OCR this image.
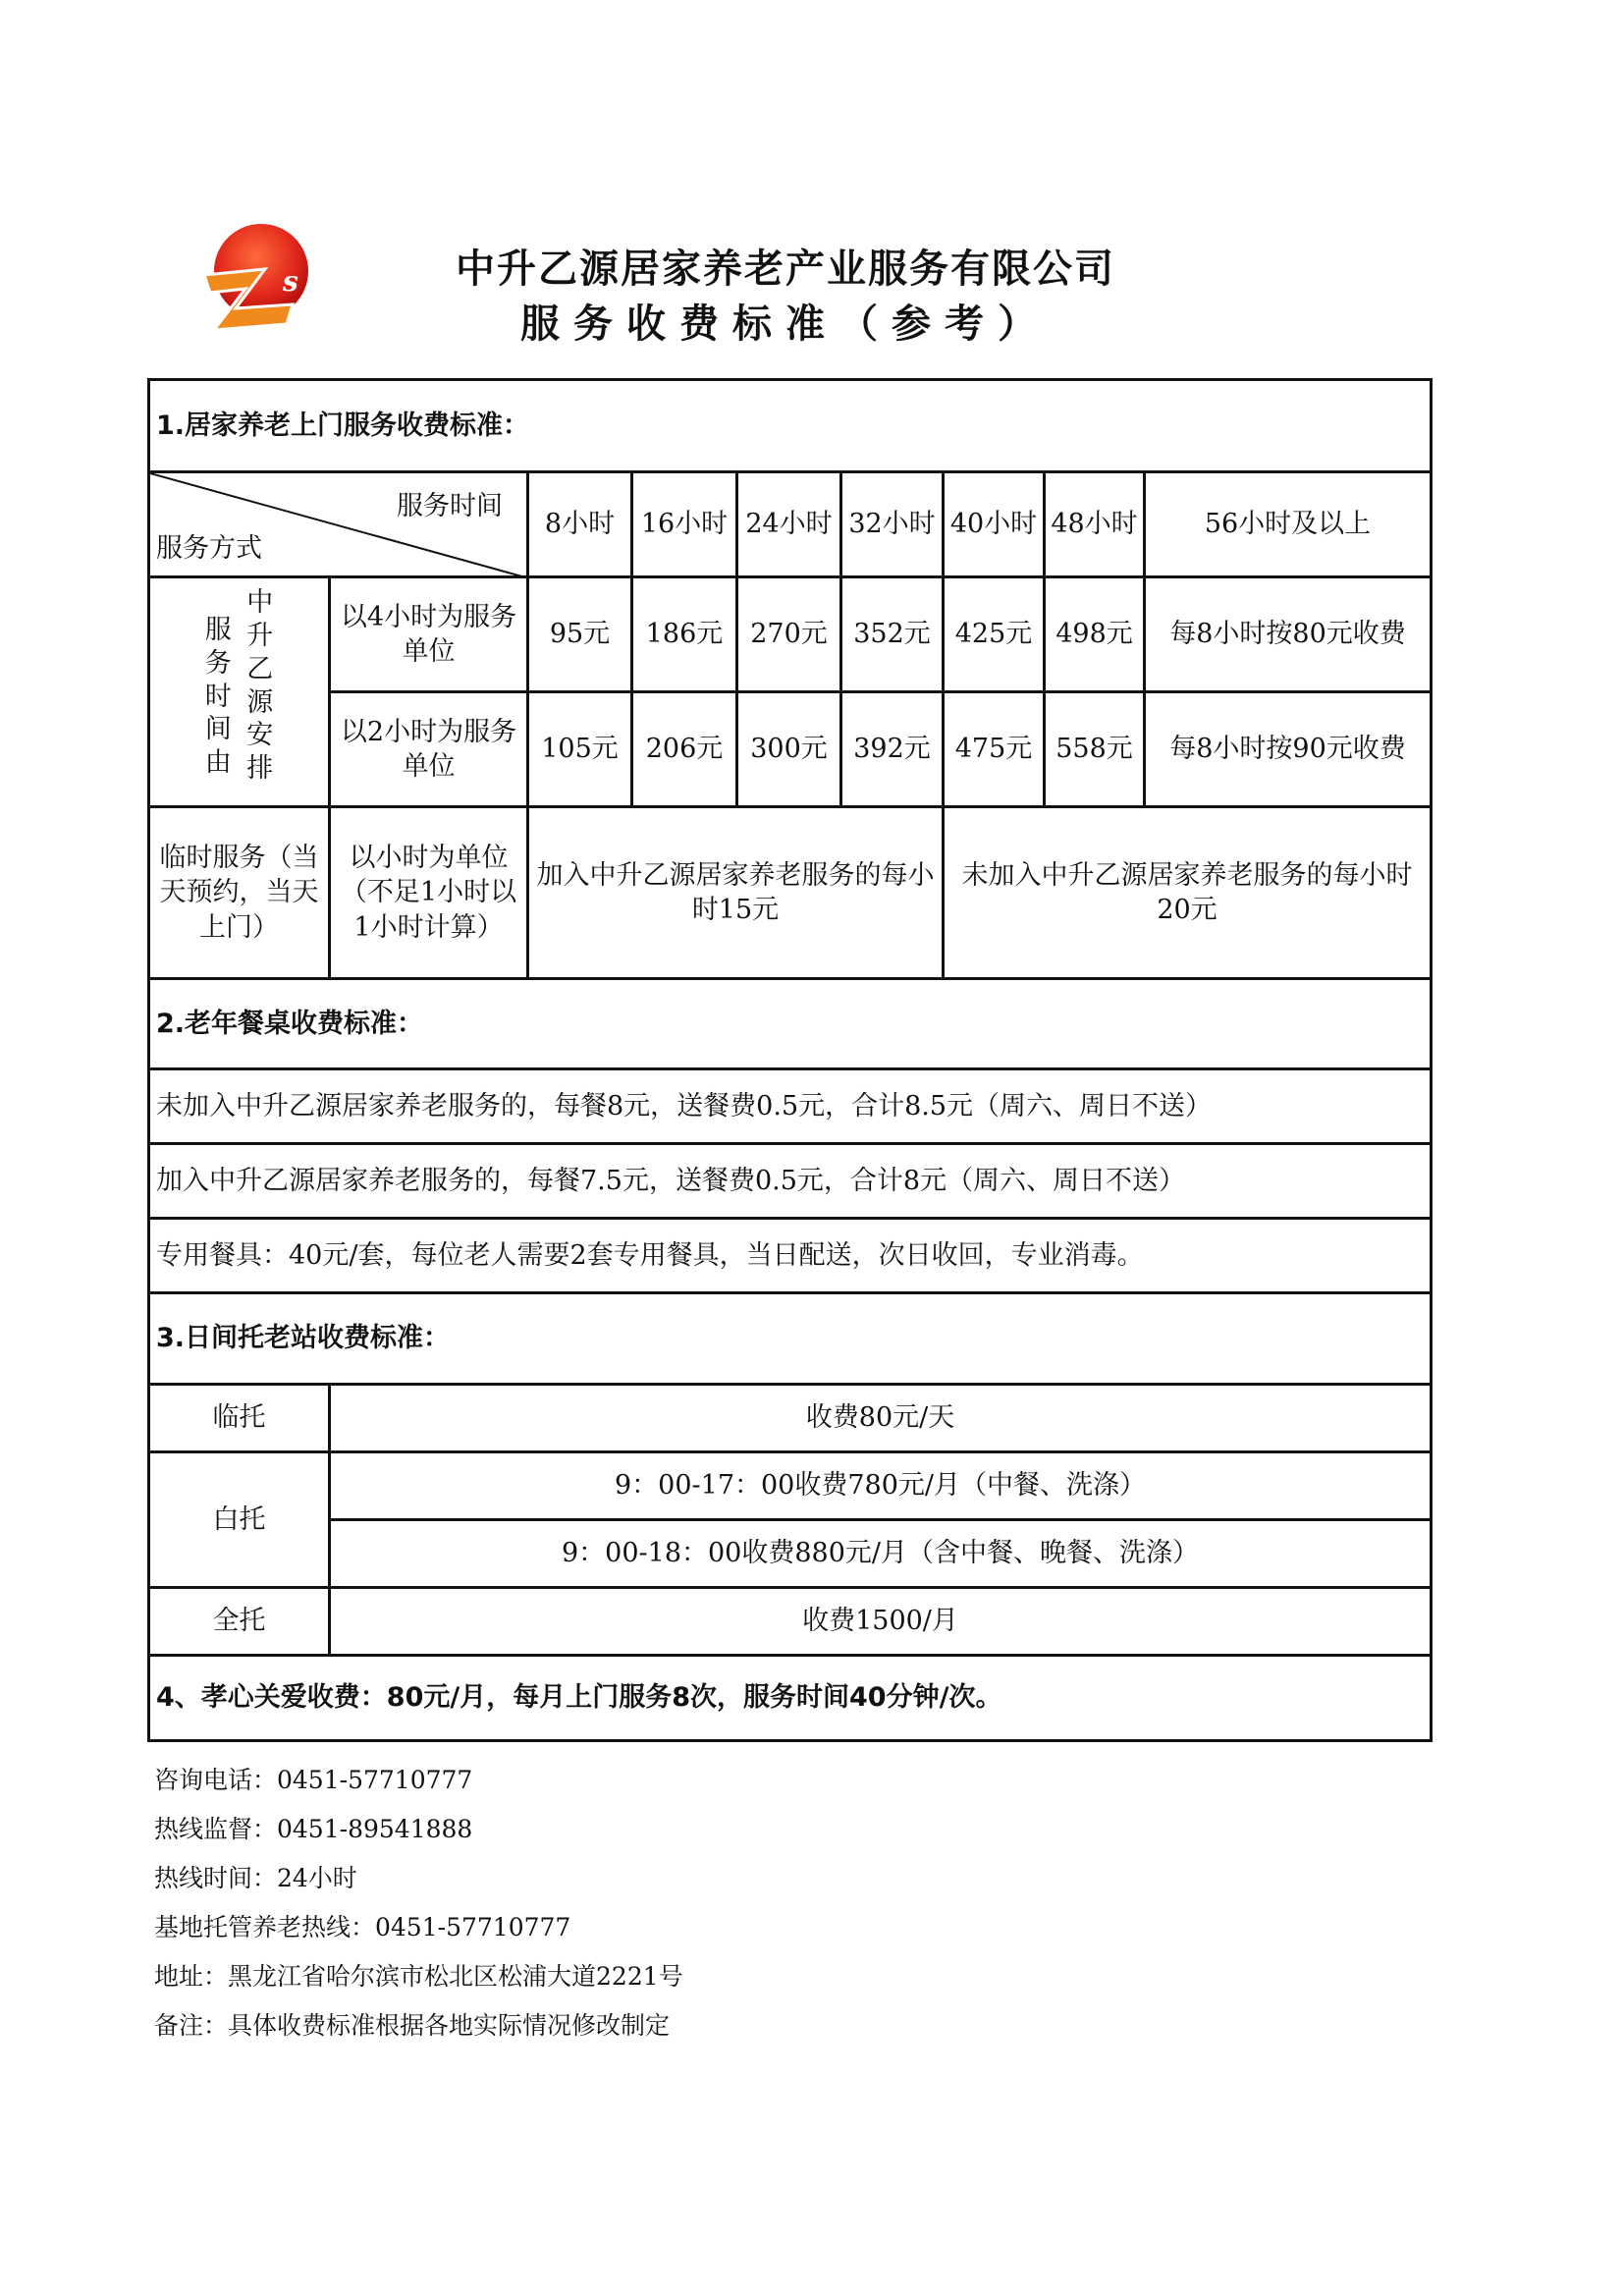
s	中升乙源居家养老产业服务有限公司
服务收费标准（参考）
1.居家养老上门服务收费标准：								

服务时间
服务方式		8小时	16小时	24小时	32小时	40小时	48小时	56小时及以上
服务时间由 中升乙源安排	以4小时为服务单位	95元	186元	270元	352元	425元	498元	每8小时按80元收费
	以2小时为服务单位	105元	206元	300元	392元	475元	558元	每8小时按90元收费
临时服务（当天预约，当天上门）	以小时为单位（不足1小时以1小时计算）	加入中升乙源居家养老服务的每小时15元				未加入中升乙源居家养老服务的每小时20元		
2.老年餐桌收费标准：								
未加入中升乙源居家养老服务的，每餐8元，送餐费0.5元，合计8.5元（周六、周日不送）								
加入中升乙源居家养老服务的，每餐7.5元，送餐费0.5元，合计8元（周六、周日不送）								
专用餐具：40元/套，每位老人需要2套专用餐具，当日配送，次日收回，专业消毒。								
3.日间托老站收费标准：								
临托	收费80元/天							
白托	9：00-17：00收费780元/月（中餐、洗涤）							
	9：00-18：00收费880元/月（含中餐、晚餐、洗涤）							
全托	收费1500/月							
4、孝心关爱收费：80元/月，每月上门服务8次，服务时间40分钟/次。								
咨询电话：0451-57710777
热线监督：0451-89541888
热线时间：24小时
基地托管养老热线：0451-57710777
地址：黑龙江省哈尔滨市松北区松浦大道2221号
备注：具体收费标准根据各地实际情况修改制定
